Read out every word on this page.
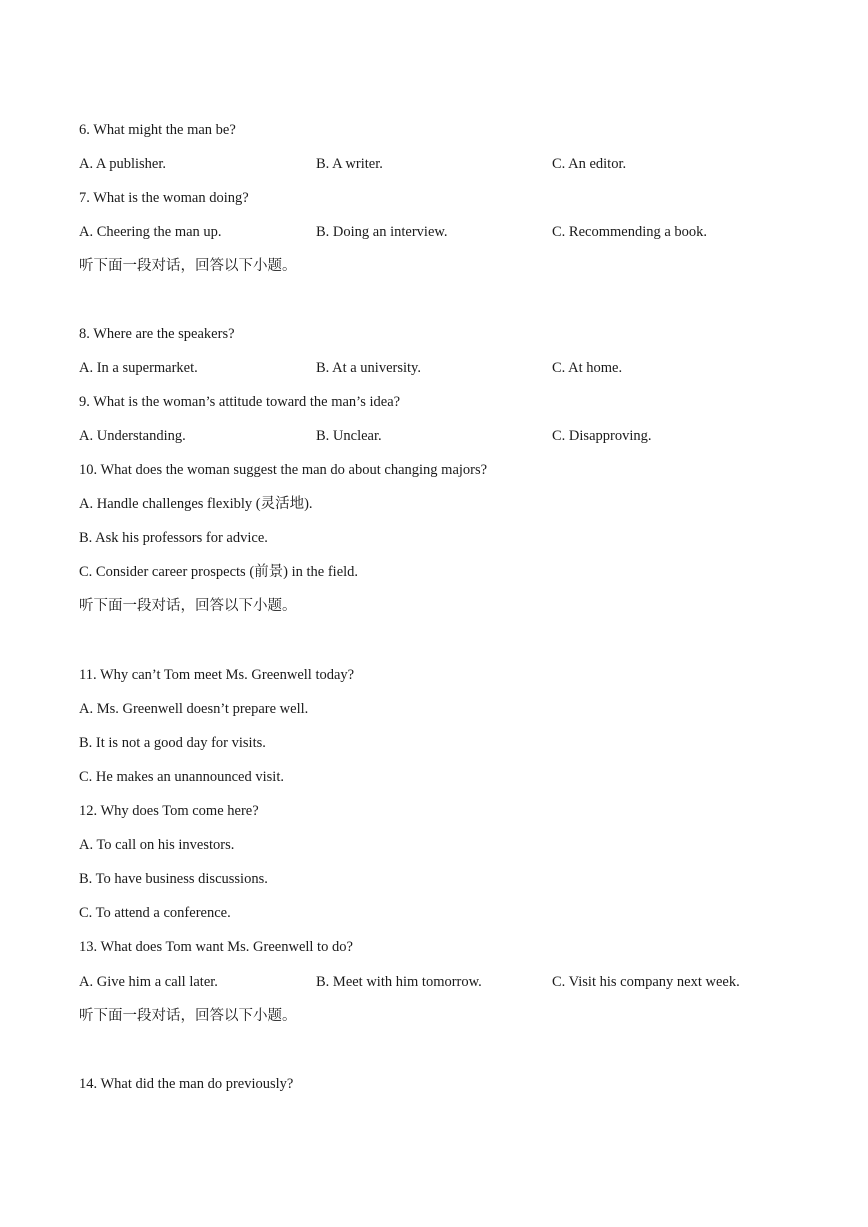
6. What might the man be?
A. A publisher.	B. A writer.	C. An editor.
7. What is the woman doing?
A. Cheering the man up.	B. Doing an interview.	C. Recommending a book.
听下面一段对话，回答以下小题。
8. Where are the speakers?
A. In a supermarket.	B. At a university.	C. At home.
9. What is the woman’s attitude toward the man’s idea?
A. Understanding.	B. Unclear.	C. Disapproving.
10. What does the woman suggest the man do about changing majors?
A. Handle challenges flexibly (灵活地).
B. Ask his professors for advice.
C. Consider career prospects (前景) in the field.
听下面一段对话，回答以下小题。
11. Why can’t Tom meet Ms. Greenwell today?
A. Ms. Greenwell doesn’t prepare well.
B. It is not a good day for visits.
C. He makes an unannounced visit.
12. Why does Tom come here?
A. To call on his investors.
B. To have business discussions.
C. To attend a conference.
13. What does Tom want Ms. Greenwell to do?
A. Give him a call later.	B. Meet with him tomorrow.	C. Visit his company next week.
听下面一段对话，回答以下小题。
14. What did the man do previously?
